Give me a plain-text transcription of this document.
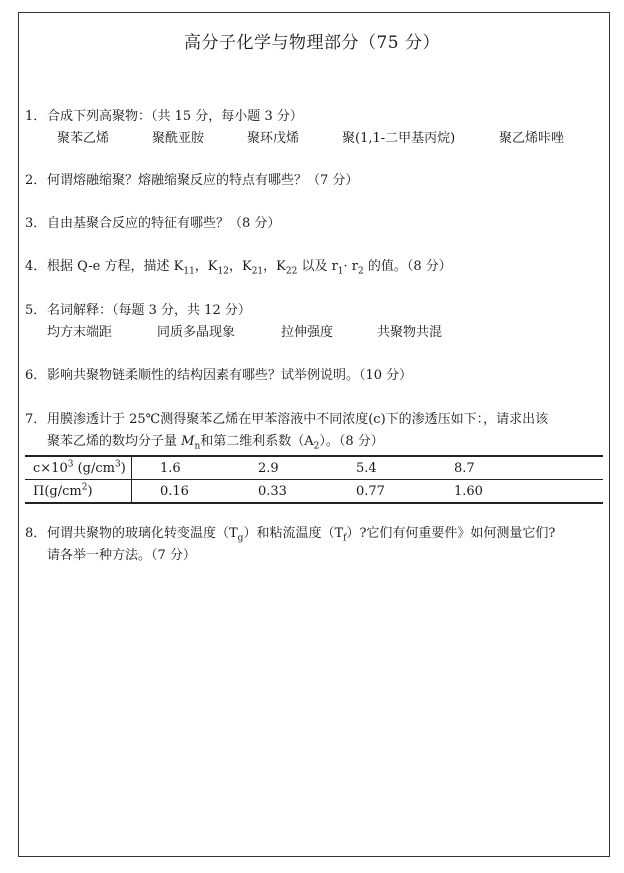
高分子化学与物理部分（75 分）
1．合成下列高聚物：（共 15 分，每小题 3 分）
聚苯乙烯	聚酰亚胺	聚环戊烯	聚(1,1-二甲基丙烷)	聚乙烯咔唑
2．何谓熔融缩聚？熔融缩聚反应的特点有哪些？（7 分）
3．自由基聚合反应的特征有哪些？（8 分）
4．根据 Q-e 方程，描述 $K_{11}$，$K_{12}$，$K_{21}$，$K_{22}$ 以及 $r_1\cdot r_2$ 的值。（8 分）
5．名词解释：（每题 3 分，共 12 分）
均方末端距	同质多晶现象	拉伸强度	共聚物共混
6．影响共聚物链柔顺性的结构因素有哪些？试举例说明。（10 分）
7．用膜渗透计于 25℃测得聚苯乙烯在甲苯溶液中不同浓度(c)下的渗透压如下：，请求出该
聚苯乙烯的数均分子量 $M_n$和第二维利系数$(A_2)$。（8 分）
$c\times 10^3$ $(g/cm^3)$	1.6	2.9	5.4	8.7	
$\Pi(g/cm^2)$	0.16	0.33	0.77	1.60	
8．何谓共聚物的玻璃化转变温度$(T_g)$和粘流温度$(T_f)$?它们有何重要件》如何测量它们?
请各举一种方法。（7 分）
